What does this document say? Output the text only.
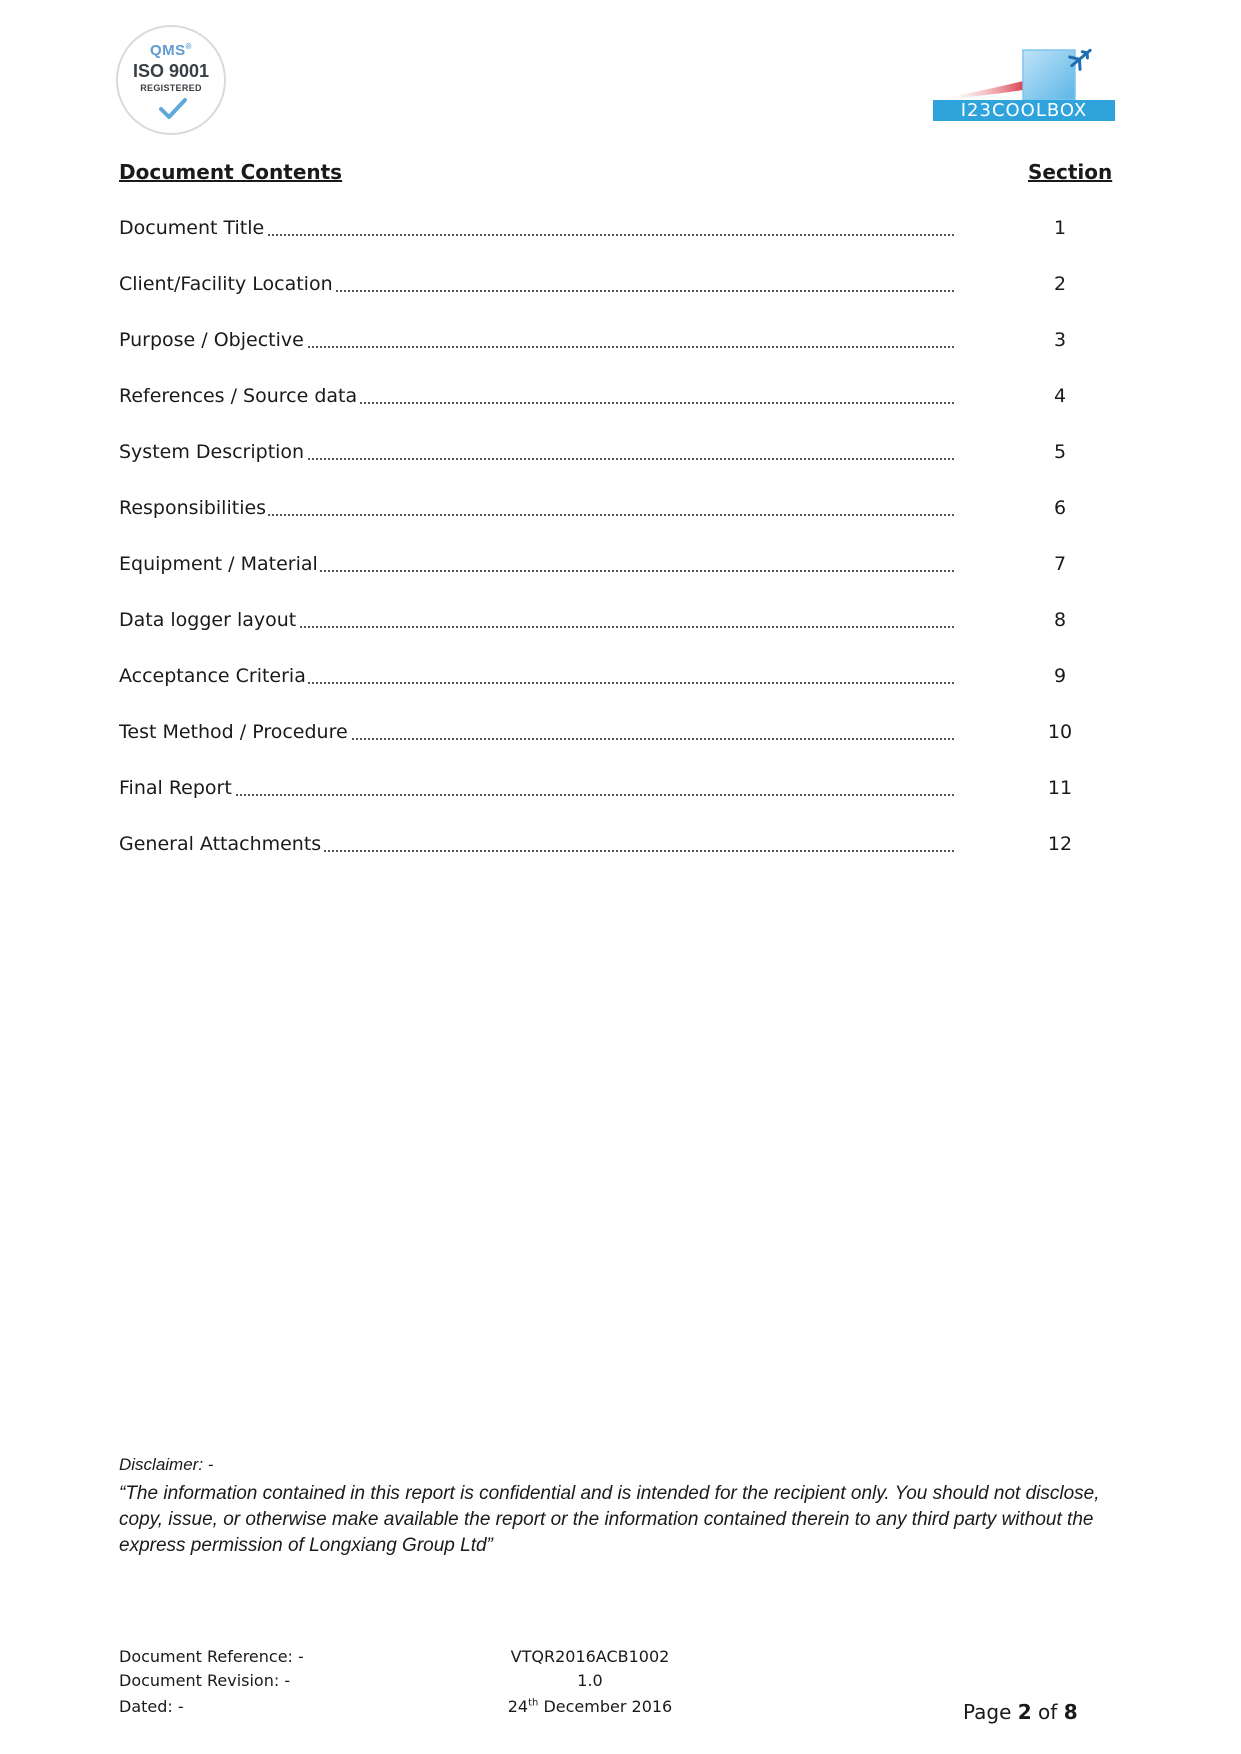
QMS®
ISO 9001
REGISTERED
I23COOLBOX
Document Contents	Section
Document Title	1
Client/Facility Location	2
Purpose / Objective	3
References / Source data	4
System Description	5
Responsibilities	6
Equipment / Material	7
Data logger layout	8
Acceptance Criteria	9
Test Method / Procedure	10
Final Report	11
General Attachments	12
Disclaimer: -
“The information contained in this report is confidential and is intended for the recipient only. You should not disclose, copy, issue, or otherwise make available the report or the information contained therein to any third party without the express permission of Longxiang Group Ltd”
Document Reference: -	VTQR2016ACB1002
Document Revision: -	1.0
Dated: -	24th December 2016	Page 2 of 8
